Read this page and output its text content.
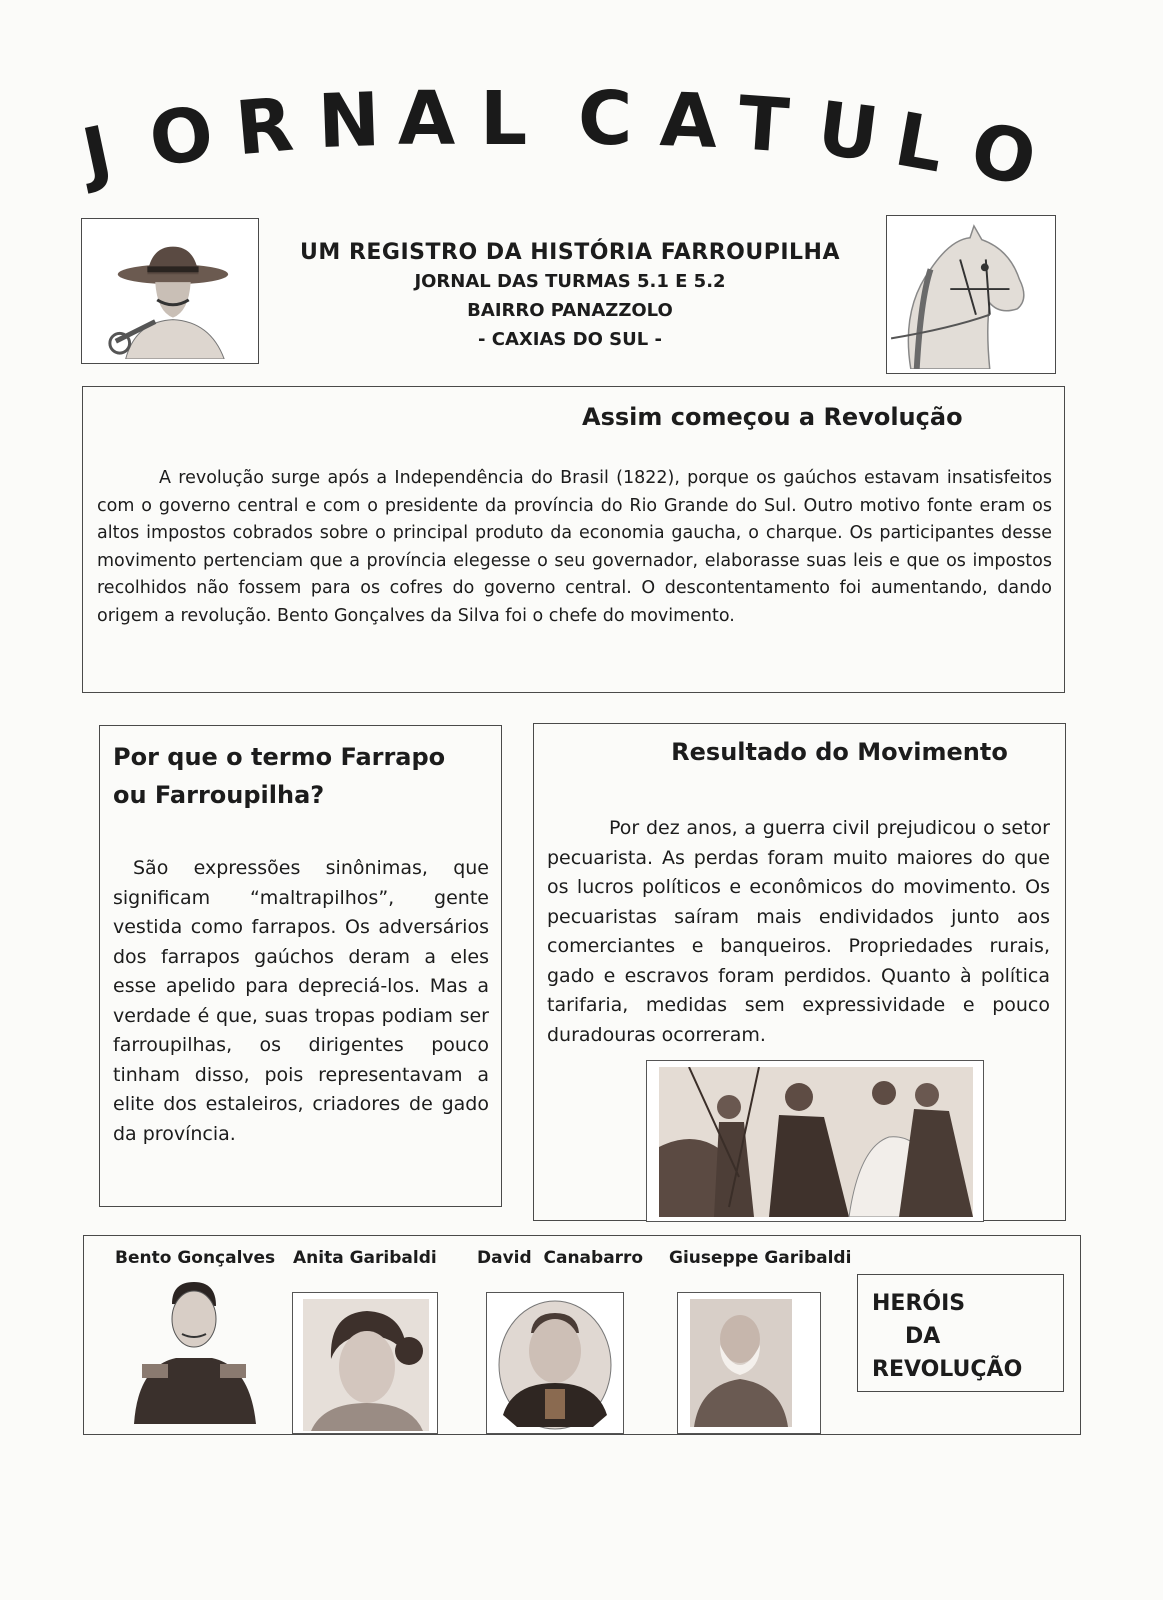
J O R N A L C A T U L O
UM REGISTRO DA HISTÓRIA FARROUPILHA
JORNAL DAS TURMAS 5.1 E 5.2
BAIRRO PANAZZOLO
- CAXIAS DO SUL -
Assim começou a Revolução

A revolução surge após a Independência do Brasil (1822), porque os gaúchos estavam insatisfeitos com o governo central e com o presidente da província do Rio Grande do Sul. Outro motivo fonte eram os altos impostos cobrados sobre o principal produto da economia gaucha, o charque. Os participantes desse movimento pertenciam que a província elegesse o seu governador, elaborasse suas leis e que os impostos recolhidos não fossem para os cofres do governo central. O descontentamento foi aumentando, dando origem a revolução. Bento Gonçalves da Silva foi o chefe do movimento.

Por que o termo Farrapo
ou Farroupilha?

São expressões sinônimas, que significam “maltrapilhos”, gente vestida como farrapos. Os adversários dos farrapos gaúchos deram a eles esse apelido para depreciá-los. Mas a verdade é que, suas tropas podiam ser farroupilhas, os dirigentes pouco tinham disso, pois representavam a elite dos estaleiros, criadores de gado da província.

Resultado do Movimento

Por dez anos, a guerra civil prejudicou o setor pecuarista. As perdas foram muito maiores do que os lucros políticos e econômicos do movimento. Os pecuaristas saíram mais endividados junto aos comerciantes e banqueiros. Propriedades rurais, gado e escravos foram perdidos. Quanto à política tarifaria, medidas sem expressividade e pouco duradouras ocorreram.

Bento Gonçalves Anita Garibaldi David  Canabarro Giuseppe Garibaldi
HERÓIS
DA
REVOLUÇÃO
